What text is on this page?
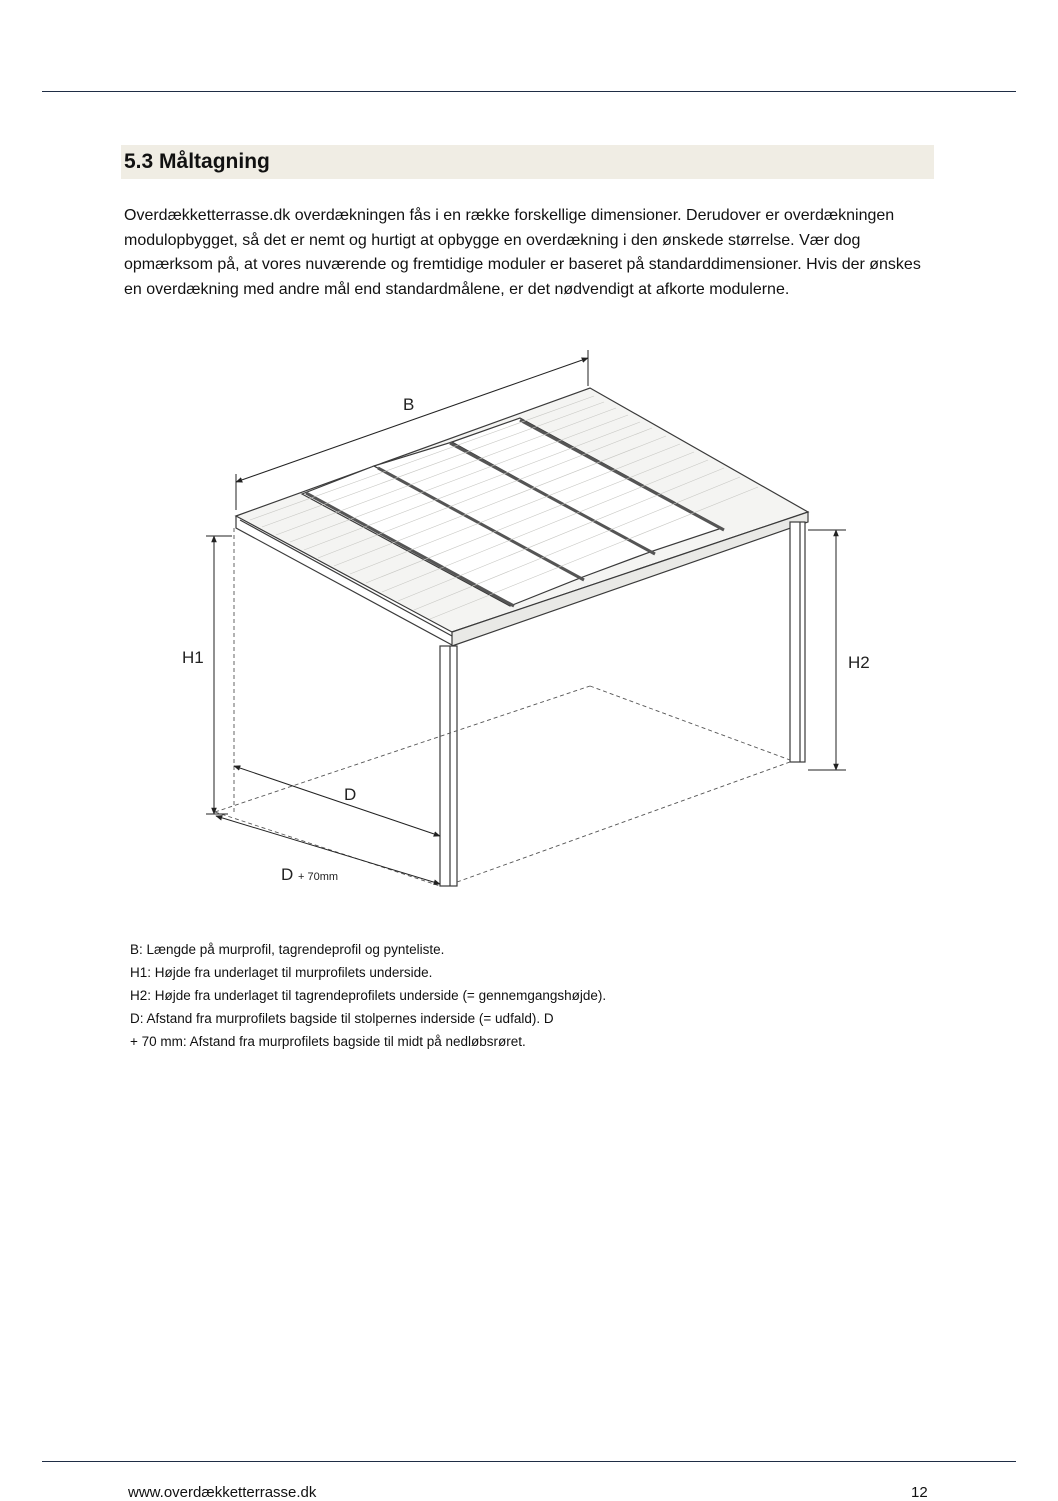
5.3 Måltagning

Overdækketterrasse.dk overdækningen fås i en række forskellige dimensioner. Derudover er overdækningen modulopbygget, så det er nemt og hurtigt at opbygge en overdækning i den ønskede størrelse. Vær dog opmærksom på, at vores nuværende og fremtidige moduler er baseret på standarddimensioner. Hvis der ønskes en overdækning med andre mål end standardmålene, er det nødvendigt at afkorte modulerne.

B
H1	H2
D
D + 70mm
B: Længde på murprofil, tagrendeprofil og pynteliste.
H1: Højde fra underlaget til murprofilets underside.
H2: Højde fra underlaget til tagrendeprofilets underside (= gennemgangshøjde).
D: Afstand fra murprofilets bagside til stolpernes inderside (= udfald). D
+ 70 mm: Afstand fra murprofilets bagside til midt på nedløbsrøret.
www.overdækketterrasse.dk	12
